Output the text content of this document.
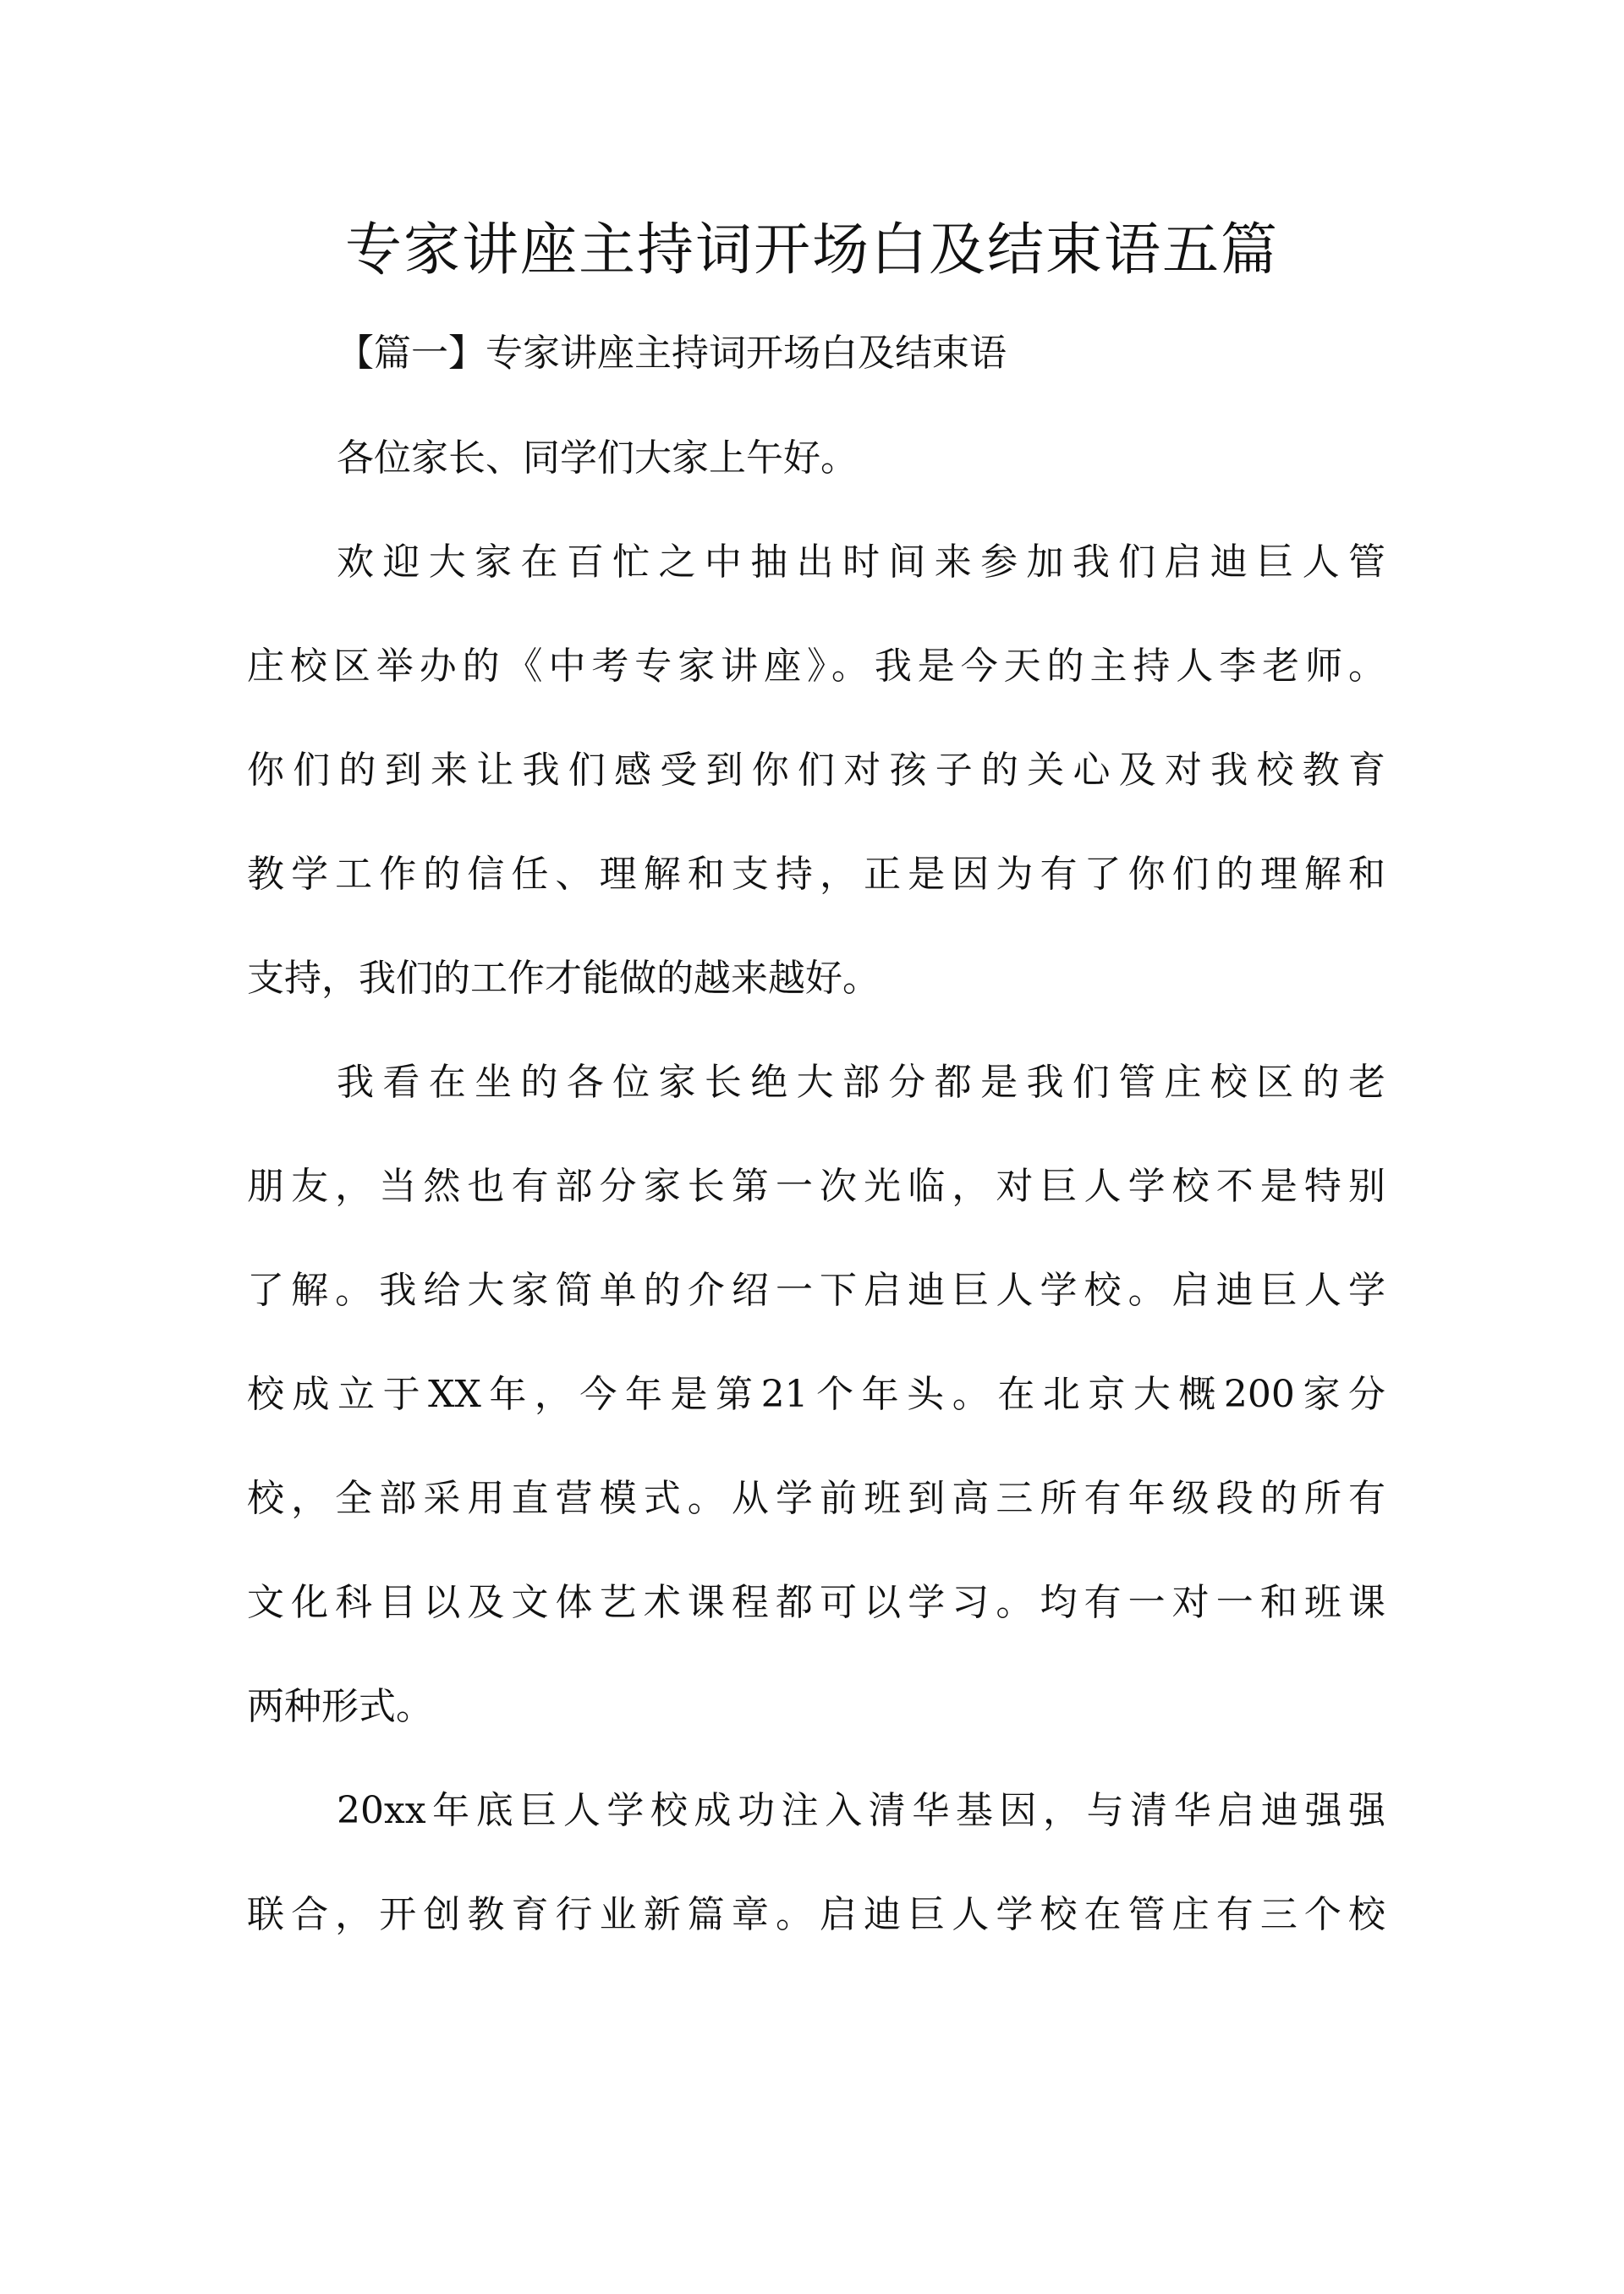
专家讲座主持词开场白及结束语五篇
【篇一】专家讲座主持词开场白及结束语
各位家长、同学们大家上午好。
欢迎大家在百忙之中抽出时间来参加我们启迪巨人管
庄校区举办的《中考专家讲座》。我是今天的主持人李老师。
你们的到来让我们感受到你们对孩子的关心及对我校教育
教学工作的信任、理解和支持，正是因为有了你们的理解和
支持，我们的工作才能做的越来越好。
我看在坐的各位家长绝大部分都是我们管庄校区的老
朋友，当然也有部分家长第一次光临，对巨人学校不是特别
了解。我给大家简单的介绍一下启迪巨人学校。启迪巨人学
校成立于XX年，今年是第21个年头。在北京大概200家分
校，全部采用直营模式。从学前班到高三所有年级段的所有
文化科目以及文体艺术课程都可以学习。均有一对一和班课
两种形式。
20xx年底巨人学校成功注入清华基因，与清华启迪强强
联合，开创教育行业新篇章。启迪巨人学校在管庄有三个校
